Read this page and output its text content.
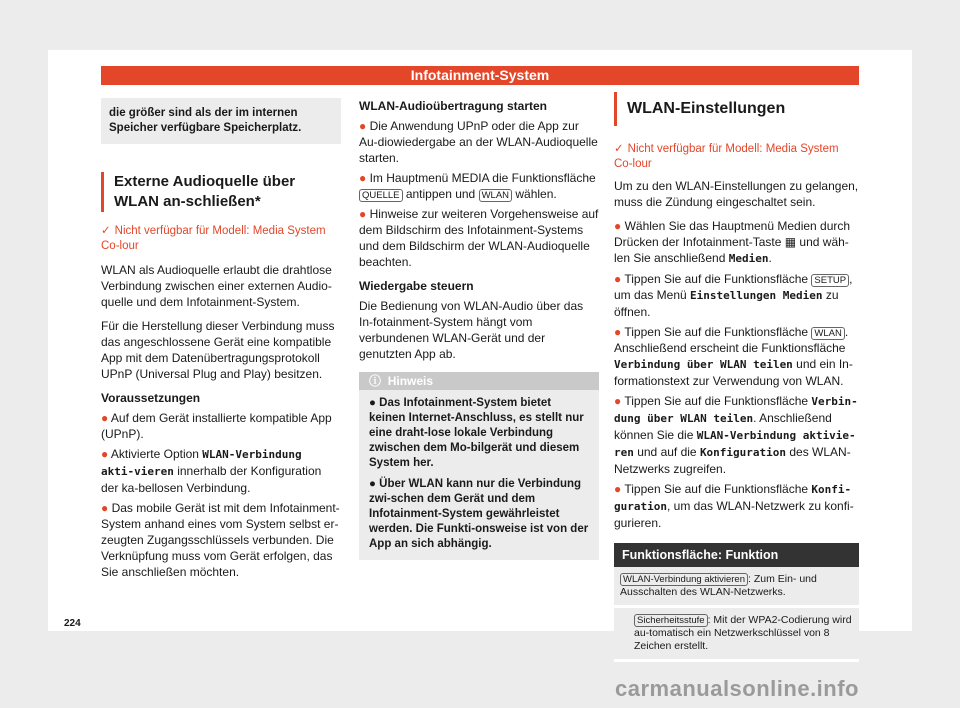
Infotainment-System
die größer sind als der im internen Speicher verfügbare Speicherplatz.
Externe Audioquelle über WLAN an-schließen*
✓ Nicht verfügbar für Modell: Media System Co-lour

WLAN als Audioquelle erlaubt die drahtlose Verbindung zwischen einer externen Audio-quelle und dem Infotainment-System.

Für die Herstellung dieser Verbindung muss das angeschlossene Gerät eine kompatible App mit dem Datenübertragungsprotokoll UPnP (Universal Plug and Play) besitzen.

Voraussetzungen

● Auf dem Gerät installierte kompatible App (UPnP).
● Aktivierte Option WLAN-Verbindung akti-vieren innerhalb der Konfiguration der ka-bellosen Verbindung.
● Das mobile Gerät ist mit dem Infotainment-System anhand eines vom System selbst er-zeugten Zugangsschlüssels verbunden. Die Verknüpfung muss vom Gerät erfolgen, das Sie anschließen möchten.

WLAN-Audioübertragung starten

● Die Anwendung UPnP oder die App zur Au-diowiedergabe an der WLAN-Audioquelle starten.
● Im Hauptmenü MEDIA die Funktionsfläche QUELLE antippen und WLAN wählen.
● Hinweise zur weiteren Vorgehensweise auf dem Bildschirm des Infotainment-Systems und dem Bildschirm der WLAN-Audioquelle beachten.

Wiedergabe steuern

Die Bedienung von WLAN-Audio über das In-fotainment-System hängt vom verbundenen WLAN-Gerät und der genutzten App ab.

ⓘ  Hinweis
● Das Infotainment-System bietet keinen Internet-Anschluss, es stellt nur eine draht-lose lokale Verbindung zwischen dem Mo-bilgerät und diesem System her.
● Über WLAN kann nur die Verbindung zwi-schen dem Gerät und dem Infotainment-System gewährleistet werden. Die Funkti-onsweise ist von der App an sich abhängig.
WLAN-Einstellungen
✓ Nicht verfügbar für Modell: Media System Co-lour

Um zu den WLAN-Einstellungen zu gelangen, muss die Zündung eingeschaltet sein.

● Wählen Sie das Hauptmenü Medien durch Drücken der Infotainment-Taste ▦ und wäh-len Sie anschließend Medien.
● Tippen Sie auf die Funktionsfläche SETUP , um das Menü Einstellungen Medien zu öffnen.
● Tippen Sie auf die Funktionsfläche WLAN . Anschließend erscheint die Funktionsfläche Verbindung über WLAN teilen und ein In-formationstext zur Verwendung von WLAN.
● Tippen Sie auf die Funktionsfläche Verbin-dung über WLAN teilen. Anschließend können Sie die WLAN-Verbindung aktivie-ren und auf die Konfiguration des WLAN-Netzwerks zugreifen.
● Tippen Sie auf die Funktionsfläche Konfi-guration, um das WLAN-Netzwerk zu konfi-gurieren.
Funktionsfläche: Funktion
WLAN-Verbindung aktivieren : Zum Ein- und Ausschalten des WLAN-Netzwerks.
Sicherheitsstufe : Mit der WPA2-Codierung wird au-tomatisch ein Netzwerkschlüssel von 8 Zeichen erstellt.
224
carmanualsonline.info
